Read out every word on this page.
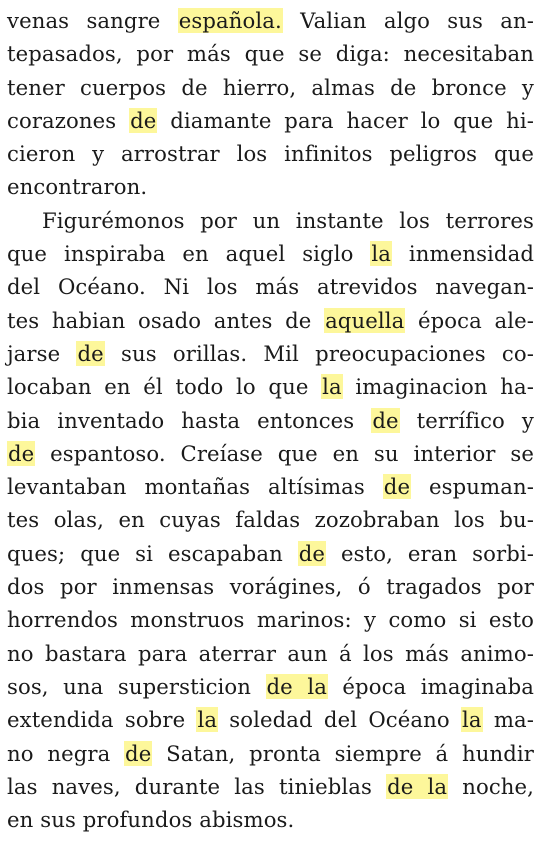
venas sangre española. Valian algo sus an-
tepasados, por más que se diga: necesitaban
tener cuerpos de hierro, almas de bronce y
corazones de diamante para hacer lo que hi-
cieron y arrostrar los infinitos peligros que
encontraron.
Figurémonos por un instante los terrores
que inspiraba en aquel siglo la inmensidad
del Océano. Ni los más atrevidos navegan-
tes habian osado antes de aquella época ale-
jarse de sus orillas. Mil preocupaciones co-
locaban en él todo lo que la imaginacion ha-
bia inventado hasta entonces de terrífico y
de espantoso. Creíase que en su interior se
levantaban montañas altísimas de espuman-
tes olas, en cuyas faldas zozobraban los bu-
ques; que si escapaban de esto, eran sorbi-
dos por inmensas vorágines, ó tragados por
horrendos monstruos marinos: y como si esto
no bastara para aterrar aun á los más animo-
sos, una supersticion de la época imaginaba
extendida sobre la soledad del Océano la ma-
no negra de Satan, pronta siempre á hundir
las naves, durante las tinieblas de la noche,
en sus profundos abismos.
